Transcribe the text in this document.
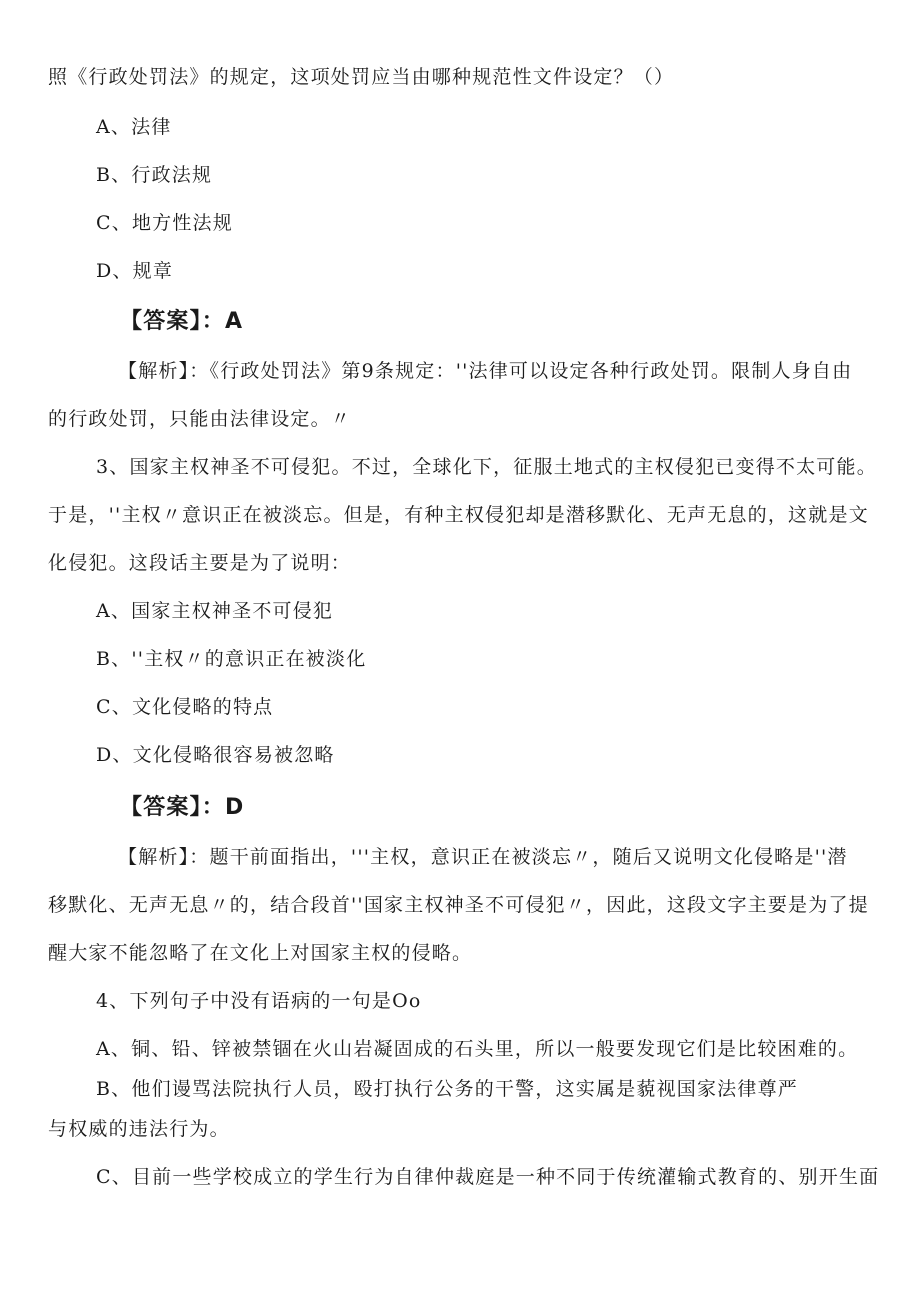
照《行政处罚法》的规定，这项处罚应当由哪种规范性文件设定？（）

A、法律

B、行政法规

C、地方性法规

D、规章

【答案】：A

【解析】：《行政处罚法》第9条规定：''法律可以设定各种行政处罚。限制人身自由

的行政处罚，只能由法律设定。〃

3、国家主权神圣不可侵犯。不过，全球化下，征服土地式的主权侵犯已变得不太可能。

于是，''主权〃意识正在被淡忘。但是，有种主权侵犯却是潜移默化、无声无息的，这就是文

化侵犯。这段话主要是为了说明：

A、国家主权神圣不可侵犯

B、''主权〃的意识正在被淡化

C、文化侵略的特点

D、文化侵略很容易被忽略

【答案】：D

【解析】：题干前面指出，'''主权，意识正在被淡忘〃，随后又说明文化侵略是''潜

移默化、无声无息〃的，结合段首''国家主权神圣不可侵犯〃，因此，这段文字主要是为了提

醒大家不能忽略了在文化上对国家主权的侵略。

4、下列句子中没有语病的一句是Oo

A、铜、铅、锌被禁锢在火山岩凝固成的石头里，所以一般要发现它们是比较困难的。

B、他们谩骂法院执行人员，殴打执行公务的干警，这实属是藐视国家法律尊严

与权威的违法行为。

C、目前一些学校成立的学生行为自律仲裁庭是一种不同于传统灌输式教育的、别开生面
